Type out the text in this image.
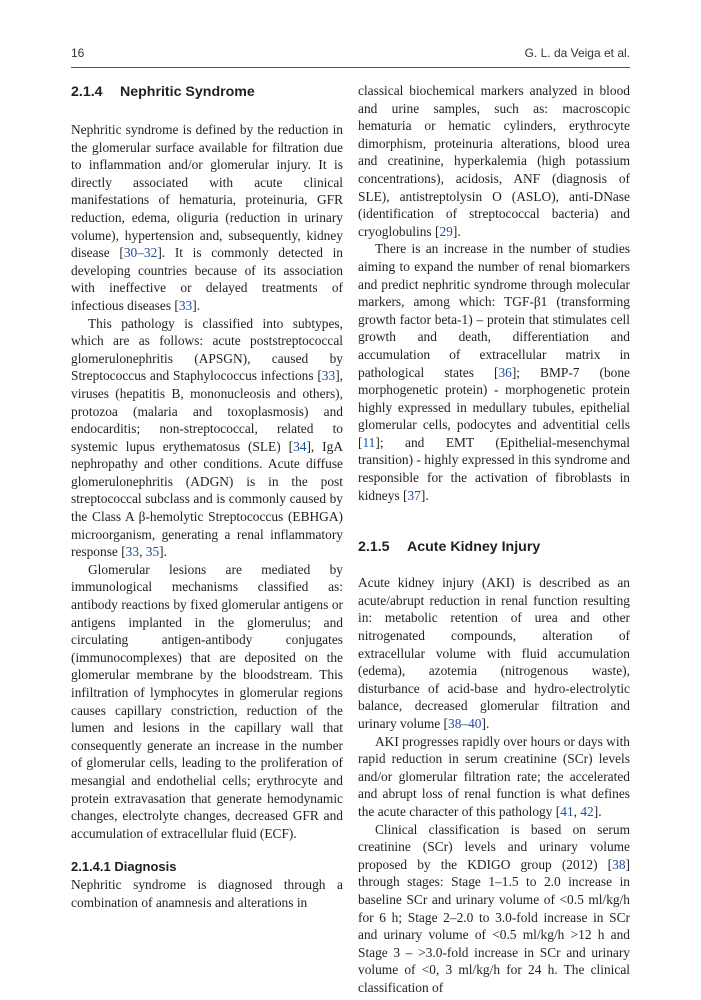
16	G. L. da Veiga et al.
2.1.4 Nephritic Syndrome

Nephritic syndrome is defined by the reduction in the glomerular surface available for filtration due to inflammation and/or glomerular injury. It is directly associated with acute clinical manifestations of hematuria, proteinuria, GFR reduction, edema, oliguria (reduction in urinary volume), hypertension and, subsequently, kidney disease [30–32]. It is commonly detected in developing countries because of its association with ineffective or delayed treatments of infectious diseases [33].

This pathology is classified into subtypes, which are as follows: acute poststreptococcal glomerulonephritis (APSGN), caused by Streptococcus and Staphylococcus infections [33], viruses (hepatitis B, mononucleosis and others), protozoa (malaria and toxoplasmosis) and endocarditis; non-streptococcal, related to systemic lupus erythematosus (SLE) [34], IgA nephropathy and other conditions. Acute diffuse glomerulonephritis (ADGN) is in the post streptococcal subclass and is commonly caused by the Class A β-hemolytic Streptococcus (EBHGA) microorganism, generating a renal inflammatory response [33, 35].

Glomerular lesions are mediated by immunological mechanisms classified as: antibody reactions by fixed glomerular antigens or antigens implanted in the glomerulus; and circulating antigen-antibody conjugates (immunocomplexes) that are deposited on the glomerular membrane by the bloodstream. This infiltration of lymphocytes in glomerular regions causes capillary constriction, reduction of the lumen and lesions in the capillary wall that consequently generate an increase in the number of glomerular cells, leading to the proliferation of mesangial and endothelial cells; erythrocyte and protein extravasation that generate hemodynamic changes, electrolyte changes, decreased GFR and accumulation of extracellular fluid (ECF).

2.1.4.1 Diagnosis

Nephritic syndrome is diagnosed through a combination of anamnesis and alterations in

classical biochemical markers analyzed in blood and urine samples, such as: macroscopic hematuria or hematic cylinders, erythrocyte dimorphism, proteinuria alterations, blood urea and creatinine, hyperkalemia (high potassium concentrations), acidosis, ANF (diagnosis of SLE), antistreptolysin O (ASLO), anti-DNase (identification of streptococcal bacteria) and cryoglobulins [29].

There is an increase in the number of studies aiming to expand the number of renal biomarkers and predict nephritic syndrome through molecular markers, among which: TGF-β1 (transforming growth factor beta-1) – protein that stimulates cell growth and death, differentiation and accumulation of extracellular matrix in pathological states [36]; BMP-7 (bone morphogenetic protein) - morphogenetic protein highly expressed in medullary tubules, epithelial glomerular cells, podocytes and adventitial cells [11]; and EMT (Epithelial-mesenchymal transition) - highly expressed in this syndrome and responsible for the activation of fibroblasts in kidneys [37].

2.1.5 Acute Kidney Injury

Acute kidney injury (AKI) is described as an acute/abrupt reduction in renal function resulting in: metabolic retention of urea and other nitrogenated compounds, alteration of extracellular volume with fluid accumulation (edema), azotemia (nitrogenous waste), disturbance of acid-base and hydro-electrolytic balance, decreased glomerular filtration and urinary volume [38–40].

AKI progresses rapidly over hours or days with rapid reduction in serum creatinine (SCr) levels and/or glomerular filtration rate; the accelerated and abrupt loss of renal function is what defines the acute character of this pathology [41, 42].

Clinical classification is based on serum creatinine (SCr) levels and urinary volume proposed by the KDIGO group (2012) [38] through stages: Stage 1–1.5 to 2.0 increase in baseline SCr and urinary volume of <0.5 ml/kg/h for 6 h; Stage 2–2.0 to 3.0-fold increase in SCr and urinary volume of <0.5 ml/kg/h >12 h and Stage 3 – >3.0-fold increase in SCr and urinary volume of <0, 3 ml/kg/h for 24 h. The clinical classification of
